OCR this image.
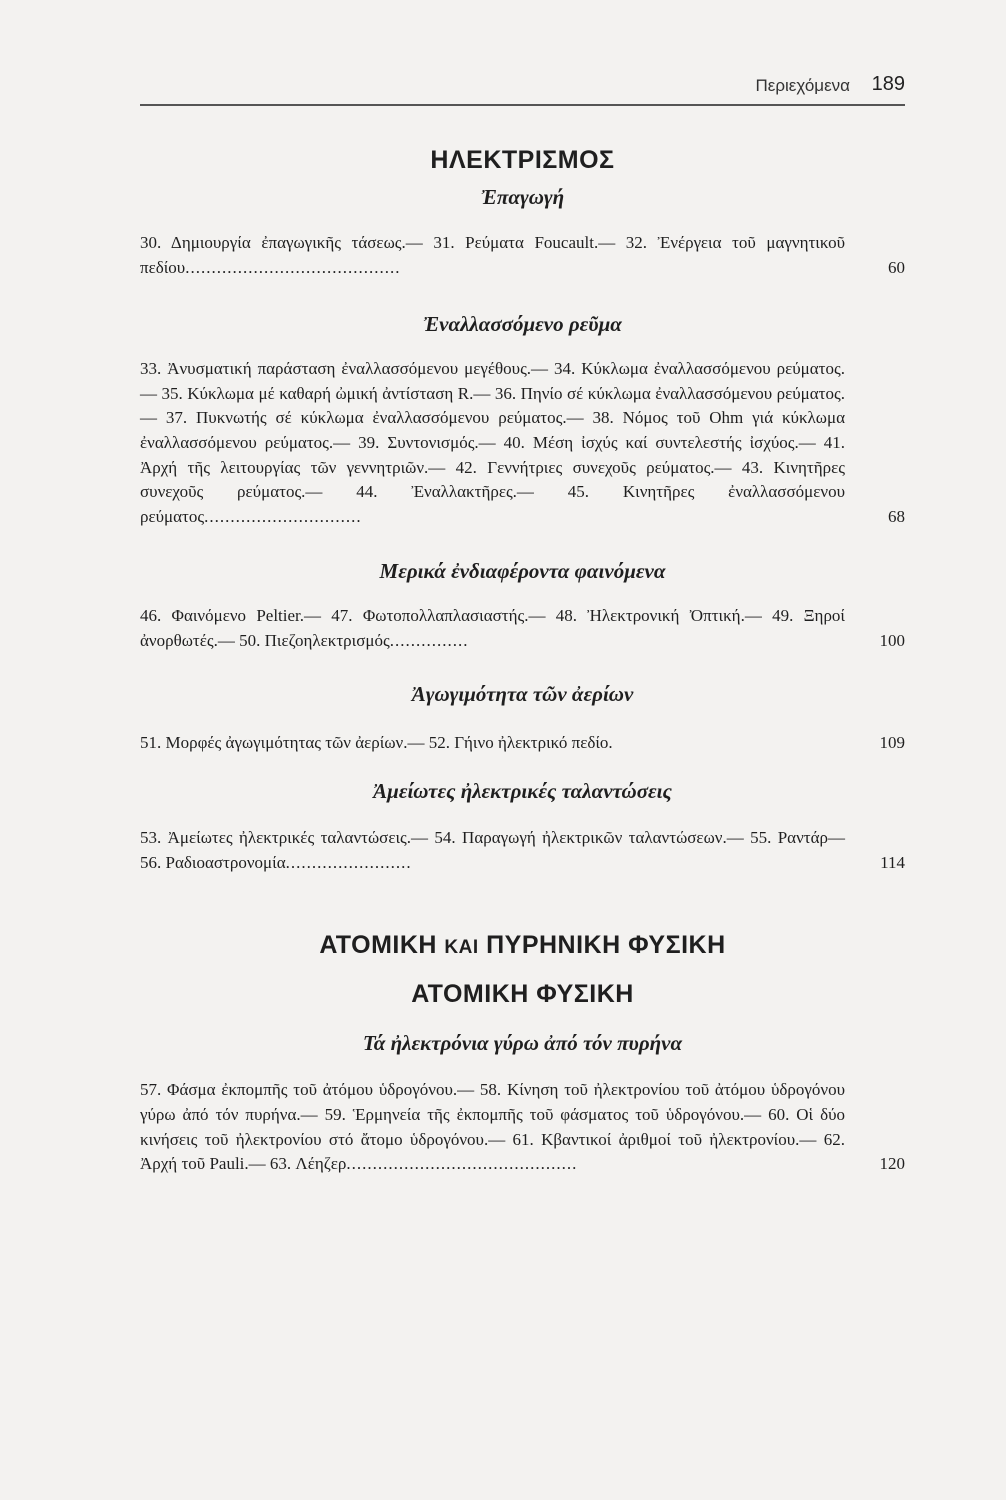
Περιεχόμενα 189
ΗΛΕΚΤΡΙΣΜΟΣ
Ἐπαγωγή
30. Δημιουργία ἐπαγωγικῆς τάσεως.— 31. Ρεύματα Foucault.— 32. Ἐνέργεια τοῦ μαγνητικοῦ πεδίου.........................................	60
Ἐναλλασσόμενο ρεῦμα
33. Ἀνυσματική παράσταση ἐναλλασσόμενου μεγέθους.— 34. Κύκλωμα ἐναλλασσόμενου ρεύματος.— 35. Κύκλωμα μέ καθαρή ὠμική ἀντίσταση R.— 36. Πηνίο σέ κύκλωμα ἐναλλασσόμενου ρεύματος.— 37. Πυκνωτής σέ κύκλωμα ἐναλλασσόμενου ρεύματος.— 38. Νόμος τοῦ Ohm γιά κύκλωμα ἐναλλασσόμενου ρεύματος.— 39. Συντονισμός.— 40. Μέση ἰσχύς καί συντελεστής ἰσχύος.— 41. Ἀρχή τῆς λειτουργίας τῶν γεννητριῶν.— 42. Γεννήτριες συνεχοῦς ρεύματος.— 43. Κινητῆρες συνεχοῦς ρεύματος.— 44. Ἐναλλακτῆρες.— 45. Κινητῆρες ἐναλλασσόμενου ρεύματος..............................	68
Μερικά ἐνδιαφέροντα φαινόμενα
46. Φαινόμενο Peltier.— 47. Φωτοπολλαπλασιαστής.— 48. Ἠλεκτρονική Ὀπτική.— 49. Ξηροί ἀνορθωτές.— 50. Πιεζοηλεκτρισμός...............	100
Ἀγωγιμότητα τῶν ἀερίων
51. Μορφές ἀγωγιμότητας τῶν ἀερίων.— 52. Γήινο ἠλεκτρικό πεδίο.	109
Ἀμείωτες ἠλεκτρικές ταλαντώσεις
53. Ἀμείωτες ἠλεκτρικές ταλαντώσεις.— 54. Παραγωγή ἠλεκτρικῶν ταλαντώσεων.— 55. Ραντάρ— 56. Ραδιοαστρονομία........................	114
ΑΤΟΜΙΚΗ ΚΑΙ ΠΥΡΗΝΙΚΗ ΦΥΣΙΚΗ
ΑΤΟΜΙΚΗ ΦΥΣΙΚΗ
Τά ἠλεκτρόνια γύρω ἀπό τόν πυρήνα
57. Φάσμα ἐκπομπῆς τοῦ ἀτόμου ὑδρογόνου.— 58. Κίνηση τοῦ ἠλεκτρονίου τοῦ ἀτόμου ὑδρογόνου γύρω ἀπό τόν πυρήνα.— 59. Ἑρμηνεία τῆς ἐκπομπῆς τοῦ φάσματος τοῦ ὑδρογόνου.— 60. Οἱ δύο κινήσεις τοῦ ἠλεκτρονίου στό ἄτομο ὑδρογόνου.— 61. Κβαντικοί ἀριθμοί τοῦ ἠλεκτρονίου.— 62. Ἀρχή τοῦ Pauli.— 63. Λέηζερ............................................	120
